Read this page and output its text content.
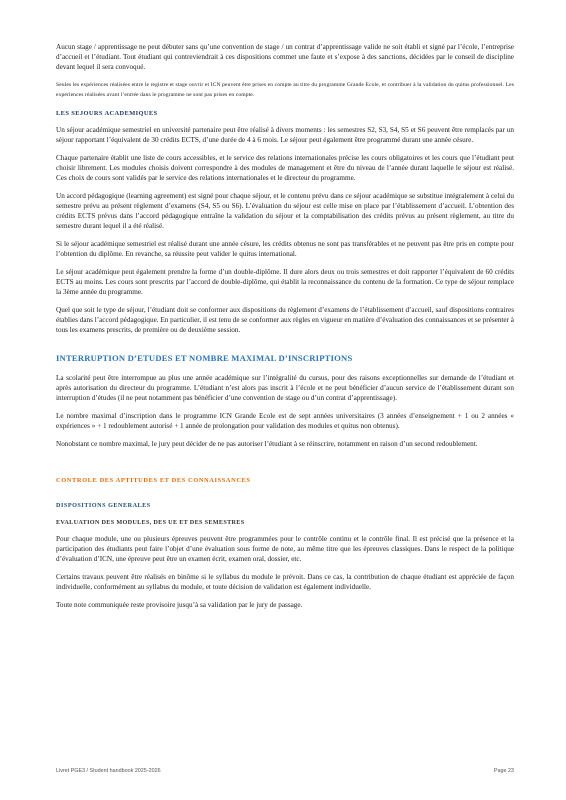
Aucun stage / apprentissage ne peut débuter sans qu’une convention de stage / un contrat d’apprentissage valide ne soit établi et signé par l’école, l’entreprise d’accueil et l’étudiant. Tout étudiant qui contreviendrait à ces dispositions commet une faute et s’expose à des sanctions, décidées par le conseil de discipline devant lequel il sera convoqué.

Seules les expériences réalisées entre le registre et stage ouvrir et ICN peuvent être prises en compte au titre du programme Grande Ecole, et contribuer à la validation du quitus professionnel. Les expériences réalisées avant l’entrée dans le programme ne sont pas prises en compte.

LES SEJOURS ACADEMIQUES

Un séjour académique semestriel en université partenaire peut être réalisé à divers moments : les semestres S2, S3, S4, S5 et S6 peuvent être remplacés par un séjour rapportant l’équivalent de 30 crédits ECTS, d’une durée de 4 à 6 mois. Le séjour peut également être programmé durant une année césure.

Chaque partenaire établit une liste de cours accessibles, et le service des relations internationales précise les cours obligatoires et les cours que l’étudiant peut choisir librement. Les modules choisis doivent correspondre à des modules de management et être du niveau de l’année durant laquelle le séjour est réalisé. Ces choix de cours sont validés par le service des relations internationales et le directeur du programme.

Un accord pédagogique (learning agreement) est signé pour chaque séjour, et le contenu prévu dans ce séjour académique se substitue intégralement à celui du semestre prévu au présent règlement d’examens (S4, S5 ou S6). L’évaluation du séjour est celle mise en place par l’établissement d’accueil. L’obtention des crédits ECTS prévus dans l’accord pédagogique entraîne la validation du séjour et la comptabilisation des crédits prévus au présent règlement, au titre du semestre durant lequel il a été réalisé.

Si le séjour académique semestriel est réalisé durant une année césure, les crédits obtenus ne sont pas transférables et ne peuvent pas être pris en compte pour l’obtention du diplôme. En revanche, sa réussite peut valider le quitus international.

Le séjour académique peut également prendre la forme d’un double-diplôme. Il dure alors deux ou trois semestres et doit rapporter l’équivalent de 60 crédits ECTS au moins. Les cours sont prescrits par l’accord de double-diplôme, qui établit la reconnaissance du contenu de la formation. Ce type de séjour remplace la 3ème année du programme.

Quel que soit le type de séjour, l’étudiant doit se conformer aux dispositions du règlement d’examens de l’établissement d’accueil, sauf dispositions contraires établies dans l’accord pédagogique. En particulier, il est tenu de se conformer aux règles en vigueur en matière d’évaluation des connaissances et se présenter à tous les examens prescrits, de première ou de deuxième session.

INTERRUPTION D’ETUDES ET NOMBRE MAXIMAL D’INSCRIPTIONS

La scolarité peut être interrompue au plus une année académique sur l’intégralité du cursus, pour des raisons exceptionnelles sur demande de l’étudiant et après autorisation du directeur du programme. L’étudiant n’est alors pas inscrit à l’école et ne peut bénéficier d’aucun service de l’établissement durant son interruption d’études (il ne peut notamment pas bénéficier d’une convention de stage ou d’un contrat d’apprentissage).

Le nombre maximal d’inscription dans le programme ICN Grande Ecole est de sept années universitaires (3 années d’enseignement + 1 ou 2 années « expériences » + 1 redoublement autorisé + 1 année de prolongation pour validation des modules et quitus non obtenus).

Nonobstant ce nombre maximal, le jury peut décider de ne pas autoriser l’étudiant à se réinscrire, notamment en raison d’un second redoublement.

CONTROLE DES APTITUDES ET DES CONNAISSANCES
DISPOSITIONS GENERALES
EVALUATION DES MODULES, DES UE ET DES SEMESTRES

Pour chaque module, une ou plusieurs épreuves peuvent être programmées pour le contrôle continu et le contrôle final. Il est précisé que la présence et la participation des étudiants peut faire l’objet d’une évaluation sous forme de note, au même titre que les épreuves classiques. Dans le respect de la politique d’évaluation d’ICN, une épreuve peut être un examen écrit, examen oral, dossier, etc.

Certains travaux peuvent être réalisés en binôme si le syllabus du module le prévoit. Dans ce cas, la contribution de chaque étudiant est appréciée de façon individuelle, conformément au syllabus du module, et toute décision de validation est également individuelle.

Toute note communiquée reste provisoire jusqu’à sa validation par le jury de passage.

Livret PGE3 / Student handbook 2025-2026	Page 23
